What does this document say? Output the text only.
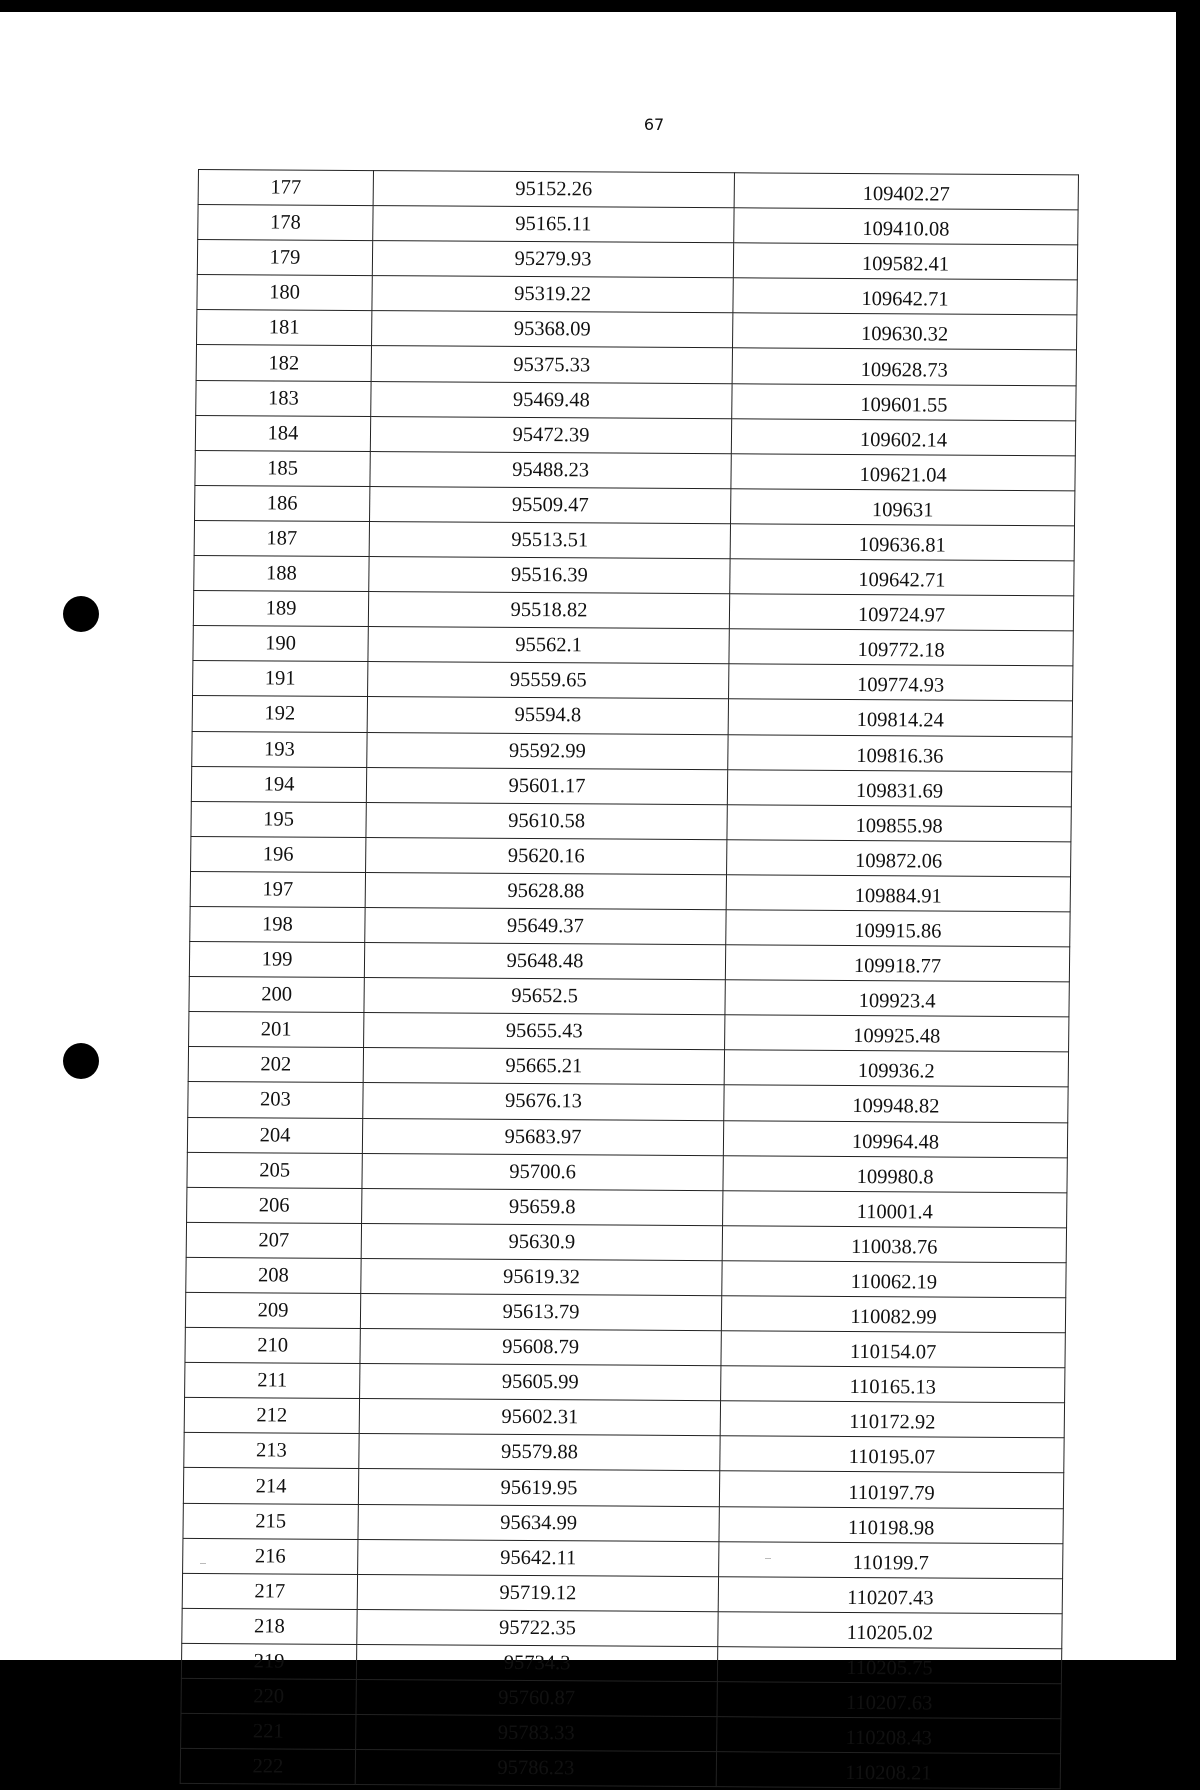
67
177	95152.26	109402.27
178	95165.11	109410.08
179	95279.93	109582.41
180	95319.22	109642.71
181	95368.09	109630.32
182	95375.33	109628.73
183	95469.48	109601.55
184	95472.39	109602.14
185	95488.23	109621.04
186	95509.47	109631
187	95513.51	109636.81
188	95516.39	109642.71
189	95518.82	109724.97
190	95562.1	109772.18
191	95559.65	109774.93
192	95594.8	109814.24
193	95592.99	109816.36
194	95601.17	109831.69
195	95610.58	109855.98
196	95620.16	109872.06
197	95628.88	109884.91
198	95649.37	109915.86
199	95648.48	109918.77
200	95652.5	109923.4
201	95655.43	109925.48
202	95665.21	109936.2
203	95676.13	109948.82
204	95683.97	109964.48
205	95700.6	109980.8
206	95659.8	110001.4
207	95630.9	110038.76
208	95619.32	110062.19
209	95613.79	110082.99
210	95608.79	110154.07
211	95605.99	110165.13
212	95602.31	110172.92
213	95579.88	110195.07
214	95619.95	110197.79
215	95634.99	110198.98
216	95642.11	110199.7
217	95719.12	110207.43
218	95722.35	110205.02
219	95734.3	110205.75
220	95760.87	110207.63
221	95783.33	110208.43
222	95786.23	110208.21
